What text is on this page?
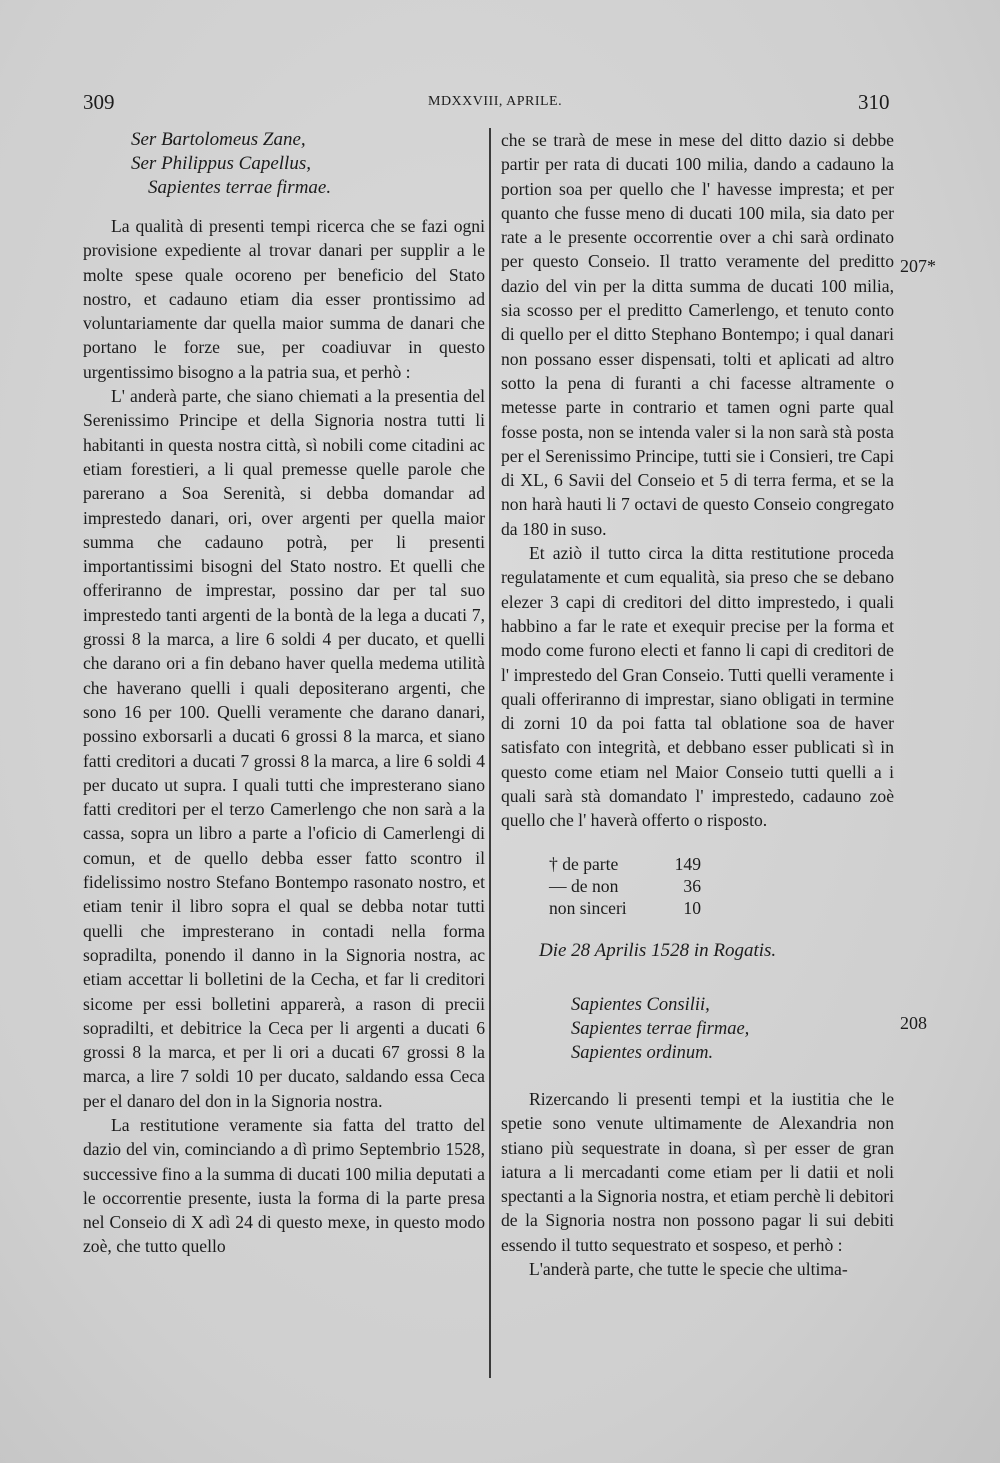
309	MDXXVIII, APRILE.	310
Ser Bartolomeus Zane,
Ser Philippus Capellus,
Sapientes terrae firmae.

La qualità di presenti tempi ricerca che se fazi ogni provisione expediente al trovar danari per supplir a le molte spese quale ocoreno per beneficio del Stato nostro, et cadauno etiam dia esser prontissimo ad voluntariamente dar quella maior summa de danari che portano le forze sue, per coadiuvar in questo urgentissimo bisogno a la patria sua, et perhò :

L' anderà parte, che siano chiemati a la presentia del Serenissimo Principe et della Signoria nostra tutti li habitanti in questa nostra città, sì nobili come citadini ac etiam forestieri, a li qual premesse quelle parole che parerano a Soa Serenità, si debba domandar ad imprestedo danari, ori, over argenti per quella maior summa che cadauno potrà, per li presenti importantissimi bisogni del Stato nostro. Et quelli che offeriranno de imprestar, possino dar per tal suo imprestedo tanti argenti de la bontà de la lega a ducati 7, grossi 8 la marca, a lire 6 soldi 4 per ducato, et quelli che darano ori a fin debano haver quella medema utilità che haverano quelli i quali depositerano argenti, che sono 16 per 100. Quelli veramente che darano danari, possino exborsarli a ducati 6 grossi 8 la marca, et siano fatti creditori a ducati 7 grossi 8 la marca, a lire 6 soldi 4 per ducato ut supra. I quali tutti che impresterano siano fatti creditori per el terzo Camerlengo che non sarà a la cassa, sopra un libro a parte a l'oficio di Camerlengi di comun, et de quello debba esser fatto scontro il fidelissimo nostro Stefano Bontempo rasonato nostro, et etiam tenir il libro sopra el qual se debba notar tutti quelli che impresterano in contadi nella forma sopradilta, ponendo il danno in la Signoria nostra, ac etiam accettar li bolletini de la Cecha, et far li creditori sicome per essi bolletini apparerà, a rason di precii sopradilti, et debitrice la Ceca per li argenti a ducati 6 grossi 8 la marca, et per li ori a ducati 67 grossi 8 la marca, a lire 7 soldi 10 per ducato, saldando essa Ceca per el danaro del don in la Signoria nostra.

La restitutione veramente sia fatta del tratto del dazio del vin, cominciando a dì primo Septembrio 1528, successive fino a la summa di ducati 100 milia deputati a le occorrentie presente, iusta la forma di la parte presa nel Conseio di X adì 24 di questo mexe, in questo modo zoè, che tutto quello

che se trarà de mese in mese del ditto dazio si debbe partir per rata di ducati 100 milia, dando a cadauno la portion soa per quello che l' havesse impresta; et per quanto che fusse meno di ducati 100 mila, sia dato per rate a le presente occorrentie over a chi sarà ordinato per questo Conseio. Il tratto veramente del preditto dazio del vin per la ditta summa de ducati 100 milia, sia scosso per el preditto Camerlengo, et tenuto conto di quello per el ditto Stephano Bontempo; i qual danari non possano esser dispensati, tolti et aplicati ad altro sotto la pena di furanti a chi facesse altramente o metesse parte in contrario et tamen ogni parte qual fosse posta, non se intenda valer si la non sarà stà posta per el Serenissimo Principe, tutti sie i Consieri, tre Capi di XL, 6 Savii del Conseio et 5 di terra ferma, et se la non harà hauti li 7 octavi de questo Conseio congregato da 180 in suso.

Et aziò il tutto circa la ditta restitutione proceda regulatamente et cum equalità, sia preso che se debano elezer 3 capi di creditori del ditto imprestedo, i quali habbino a far le rate et exequir precise per la forma et modo come furono electi et fanno li capi di creditori de l' imprestedo del Gran Conseio. Tutti quelli veramente i quali offeriranno di imprestar, siano obligati in termine di zorni 10 da poi fatta tal oblatione soa de haver satisfato con integrità, et debbano esser publicati sì in questo come etiam nel Maior Conseio tutti quelli a i quali sarà stà domandato l' imprestedo, cadauno zoè quello che l' haverà offerto o risposto.

† de parte	149
— de non	36
non sinceri	10
Die 28 Aprilis 1528 in Rogatis.
Sapientes Consilii,
Sapientes terrae firmae,
Sapientes ordinum.

Rizercando li presenti tempi et la iustitia che le spetie sono venute ultimamente de Alexandria non stiano più sequestrate in doana, sì per esser de gran iatura a li mercadanti come etiam per li datii et noli spectanti a la Signoria nostra, et etiam perchè li debitori de la Signoria nostra non possono pagar li sui debiti essendo il tutto sequestrato et sospeso, et perhò :

L'anderà parte, che tutte le specie che ultima-

207*
208
